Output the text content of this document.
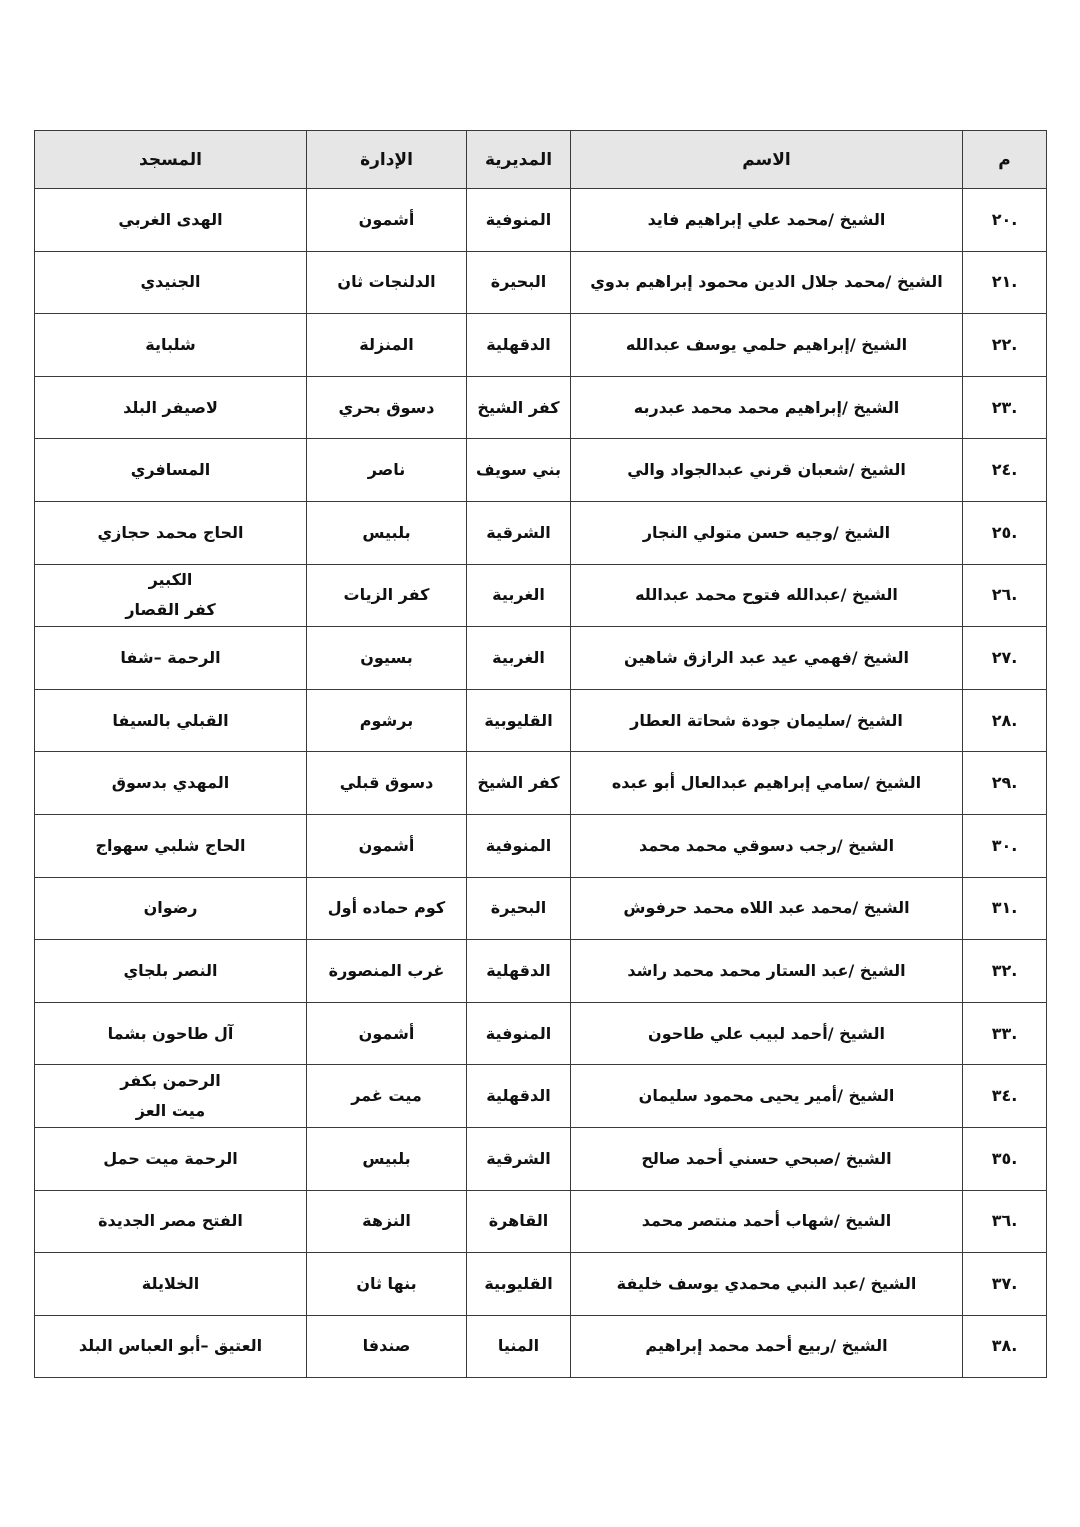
م	الاسم	المديرية	الإدارة	المسجد
.٢٠	الشيخ /محمد علي إبراهيم فايد	المنوفية	أشمون	الهدى الغربي

.٢١	الشيخ /محمد جلال الدين محمود إبراهيم بدوي	البحيرة	الدلنجات ثان	الجنيدي

.٢٢	الشيخ /إبراهيم حلمي يوسف عبدالله	الدقهلية	المنزلة	شلباية

.٢٣	الشيخ /إبراهيم محمد محمد عبدربه	كفر الشيخ	دسوق بحري	لاصيفر البلد

.٢٤	الشيخ /شعبان قرني عبدالجواد والي	بني سويف	ناصر	المسافري

.٢٥	الشيخ /وجيه حسن متولي النجار	الشرقية	بلبيس	الحاج محمد حجازي

.٢٦	الشيخ /عبدالله فتوح محمد عبدالله	الغربية	كفر الزيات	الكبير
كفر القصار

.٢٧	الشيخ /فهمي عيد عبد الرازق شاهين	الغربية	بسيون	الرحمة –شفا

.٢٨	الشيخ /سليمان جودة شحاتة العطار	القليوبية	برشوم	القبلي بالسيفا

.٢٩	الشيخ /سامي إبراهيم عبدالعال أبو عبده	كفر الشيخ	دسوق قبلي	المهدي بدسوق

.٣٠	الشيخ /رجب دسوقي محمد محمد	المنوفية	أشمون	الحاج شلبي سهواج

.٣١	الشيخ /محمد عبد اللاه محمد حرفوش	البحيرة	كوم حماده أول	رضوان

.٣٢	الشيخ /عبد الستار محمد محمد راشد	الدقهلية	غرب المنصورة	النصر بلجاي

.٣٣	الشيخ /أحمد لبيب علي طاحون	المنوفية	أشمون	آل طاحون بشما

.٣٤	الشيخ /أمير يحيى محمود سليمان	الدقهلية	ميت غمر	الرحمن بكفر
ميت العز

.٣٥	الشيخ /صبحي حسني أحمد صالح	الشرقية	بلبيس	الرحمة ميت حمل

.٣٦	الشيخ /شهاب أحمد منتصر محمد	القاهرة	النزهة	الفتح مصر الجديدة

.٣٧	الشيخ /عبد النبي محمدي يوسف خليفة	القليوبية	بنها ثان	الخلايلة

.٣٨	الشيخ /ربيع أحمد محمد إبراهيم	المنيا	صندفا	العتيق –أبو العباس البلد
